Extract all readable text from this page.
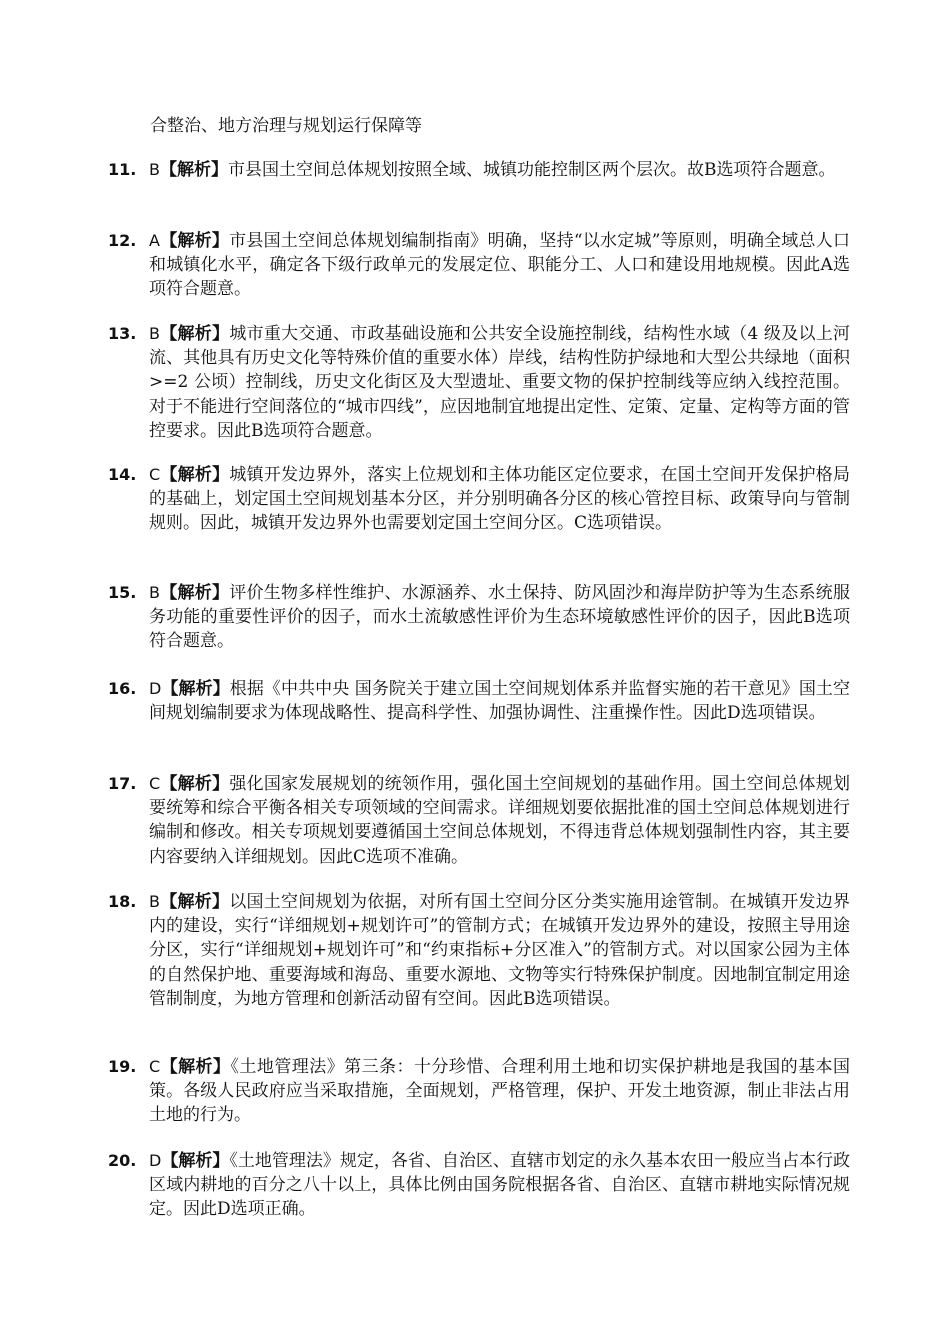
合整治、地方治理与规划运行保障等

11. B【解析】市县国土空间总体规划按照全域、城镇功能控制区两个层次。故B选项符合题意。
12. A【解析】市县国土空间总体规划编制指南》明确，坚持“以水定城”等原则，明确全域总人口和城镇化水平，确定各下级行政单元的发展定位、职能分工、人口和建设用地规模。因此A选项符合题意。
13. B【解析】城市重大交通、市政基础设施和公共安全设施控制线，结构性水域（4 级及以上河流、其他具有历史文化等特殊价值的重要水体）岸线，结构性防护绿地和大型公共绿地（面积>=2 公顷）控制线，历史文化街区及大型遗址、重要文物的保护控制线等应纳入线控范围。对于不能进行空间落位的“城市四线”，应因地制宜地提出定性、定策、定量、定构等方面的管控要求。因此B选项符合题意。
14. C【解析】城镇开发边界外，落实上位规划和主体功能区定位要求，在国土空间开发保护格局的基础上，划定国土空间规划基本分区，并分别明确各分区的核心管控目标、政策导向与管制规则。因此，城镇开发边界外也需要划定国土空间分区。C选项错误。
15. B【解析】评价生物多样性维护、水源涵养、水土保持、防风固沙和海岸防护等为生态系统服务功能的重要性评价的因子，而水土流敏感性评价为生态环境敏感性评价的因子，因此B选项符合题意。
16. D【解析】根据《中共中央 国务院关于建立国土空间规划体系并监督实施的若干意见》国土空间规划编制要求为体现战略性、提高科学性、加强协调性、注重操作性。因此D选项错误。
17. C【解析】强化国家发展规划的统领作用，强化国土空间规划的基础作用。国土空间总体规划要统筹和综合平衡各相关专项领域的空间需求。详细规划要依据批准的国土空间总体规划进行编制和修改。相关专项规划要遵循国土空间总体规划，不得违背总体规划强制性内容，其主要内容要纳入详细规划。因此C选项不准确。
18. B【解析】以国土空间规划为依据，对所有国土空间分区分类实施用途管制。在城镇开发边界内的建设，实行“详细规划+规划许可”的管制方式；在城镇开发边界外的建设，按照主导用途分区，实行“详细规划+规划许可”和“约束指标+分区准入”的管制方式。对以国家公园为主体的自然保护地、重要海域和海岛、重要水源地、文物等实行特殊保护制度。因地制宜制定用途管制制度，为地方管理和创新活动留有空间。因此B选项错误。
19. C【解析】《土地管理法》第三条：十分珍惜、合理利用土地和切实保护耕地是我国的基本国策。各级人民政府应当采取措施，全面规划，严格管理，保护、开发土地资源，制止非法占用土地的行为。
20. D【解析】《土地管理法》规定，各省、自治区、直辖市划定的永久基本农田一般应当占本行政区域内耕地的百分之八十以上，具体比例由国务院根据各省、自治区、直辖市耕地实际情况规定。因此D选项正确。
